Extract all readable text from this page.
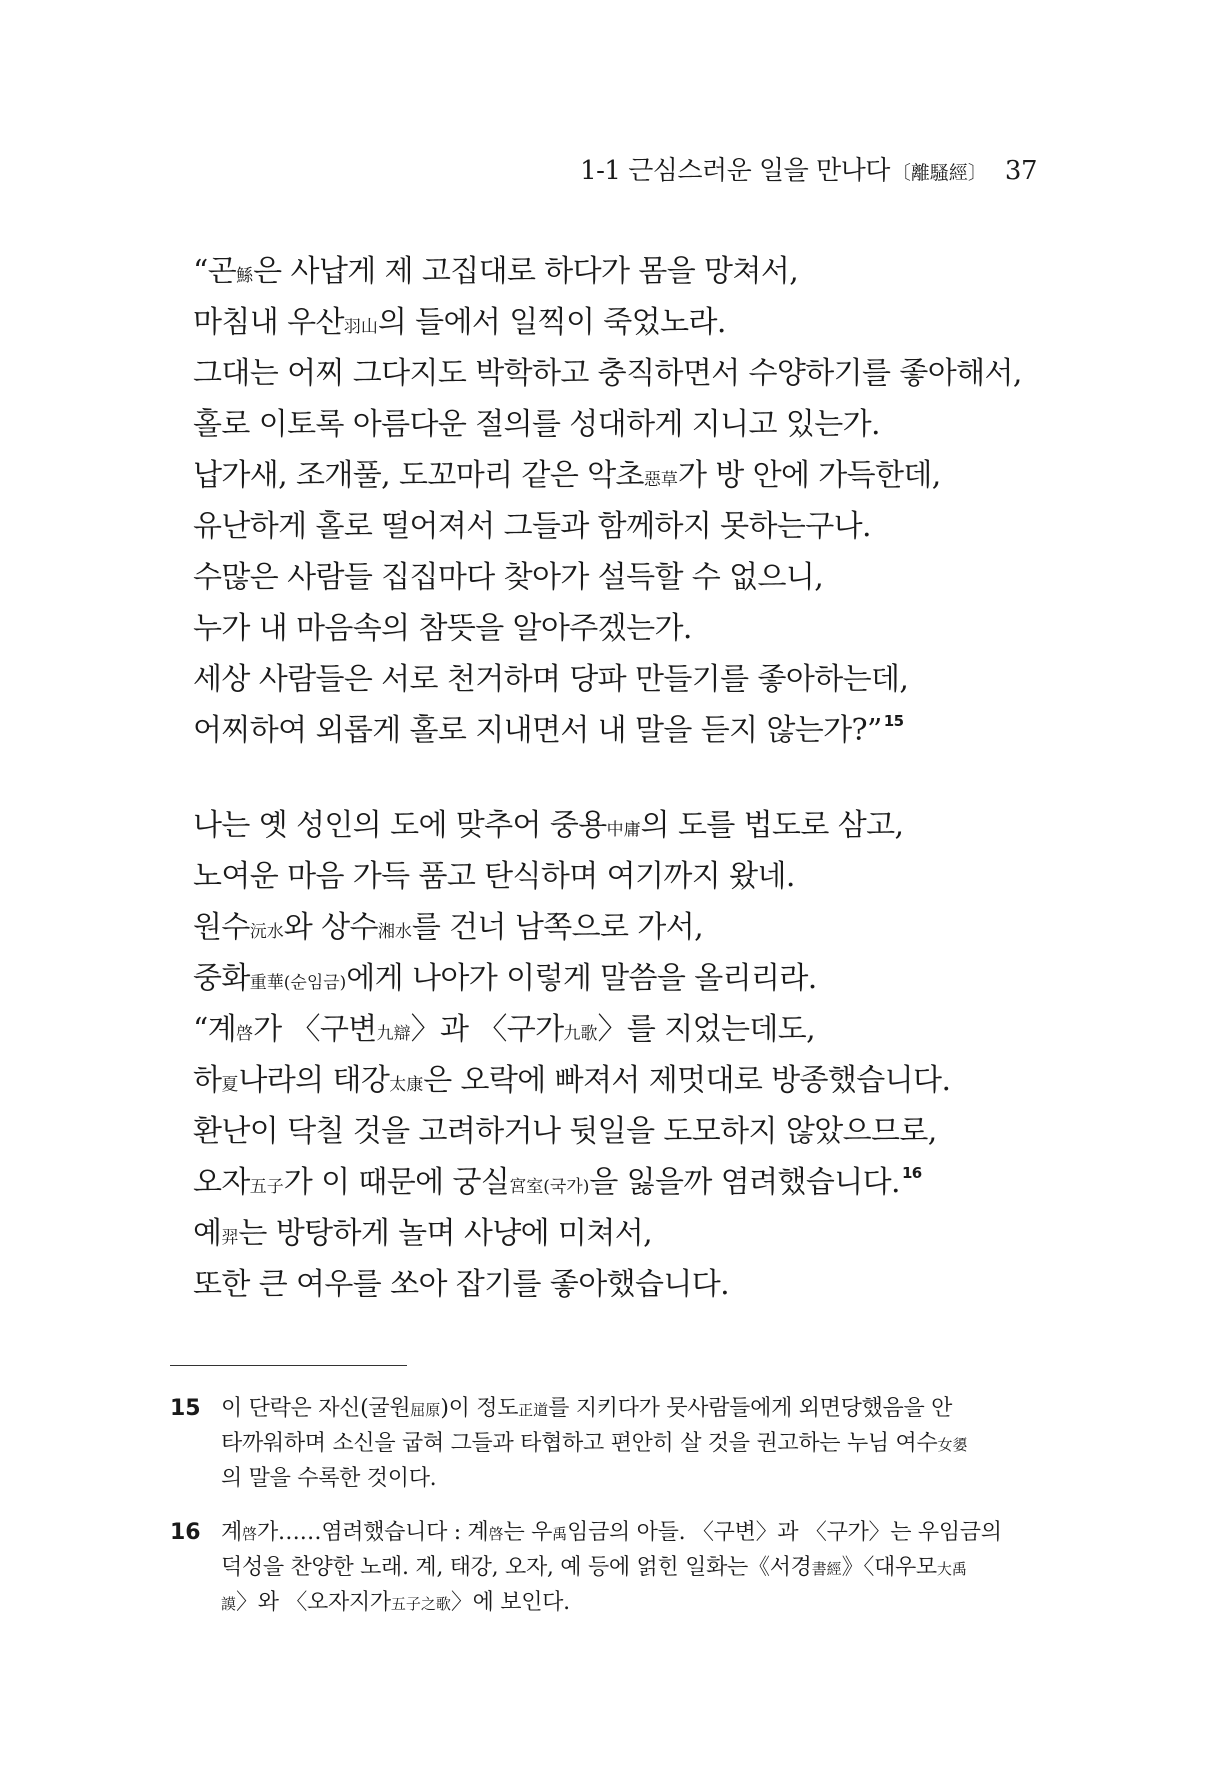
1-1 근심스러운 일을 만나다 〔離騷經〕 37
“곤鯀은 사납게 제 고집대로 하다가 몸을 망쳐서,
마침내 우산羽山의 들에서 일찍이 죽었노라.
그대는 어찌 그다지도 박학하고 충직하면서 수양하기를 좋아해서,
홀로 이토록 아름다운 절의를 성대하게 지니고 있는가.
납가새, 조개풀, 도꼬마리 같은 악초惡草가 방 안에 가득한데,
유난하게 홀로 떨어져서 그들과 함께하지 못하는구나.
수많은 사람들 집집마다 찾아가 설득할 수 없으니,
누가 내 마음속의 참뜻을 알아주겠는가.
세상 사람들은 서로 천거하며 당파 만들기를 좋아하는데,
어찌하여 외롭게 홀로 지내면서 내 말을 듣지 않는가?” $^{15}$
나는 옛 성인의 도에 맞추어 중용中庸의 도를 법도로 삼고,
노여운 마음 가득 품고 탄식하며 여기까지 왔네.
원수沅水와 상수湘水를 건너 남쪽으로 가서,
중화重華(순임금)에게 나아가 이렇게 말씀을 올리리라.
“계啓가 〈구변九辯〉과 〈구가九歌〉를 지었는데도,
하夏나라의 태강太康은 오락에 빠져서 제멋대로 방종했습니다.
환난이 닥칠 것을 고려하거나 뒷일을 도모하지 않았으므로,
오자五子가 이 때문에 궁실宮室(국가)을 잃을까 염려했습니다. $^{16}$
예羿는 방탕하게 놀며 사냥에 미쳐서,
또한 큰 여우를 쏘아 잡기를 좋아했습니다.
15 이 단락은 자신(굴원屈原)이 정도正道를 지키다가 뭇사람들에게 외면당했음을 안
타까워하며 소신을 굽혀 그들과 타협하고 편안히 살 것을 권고하는 누님 여수女嬃
의 말을 수록한 것이다.
16 계啓가……염려했습니다 : 계啓는 우禹임금의 아들. 〈구변〉과 〈구가〉는 우임금의
덕성을 찬양한 노래. 계, 태강, 오자, 예 등에 얽힌 일화는《서경書經》〈대우모大禹
謨〉와 〈오자지가五子之歌〉에 보인다.
